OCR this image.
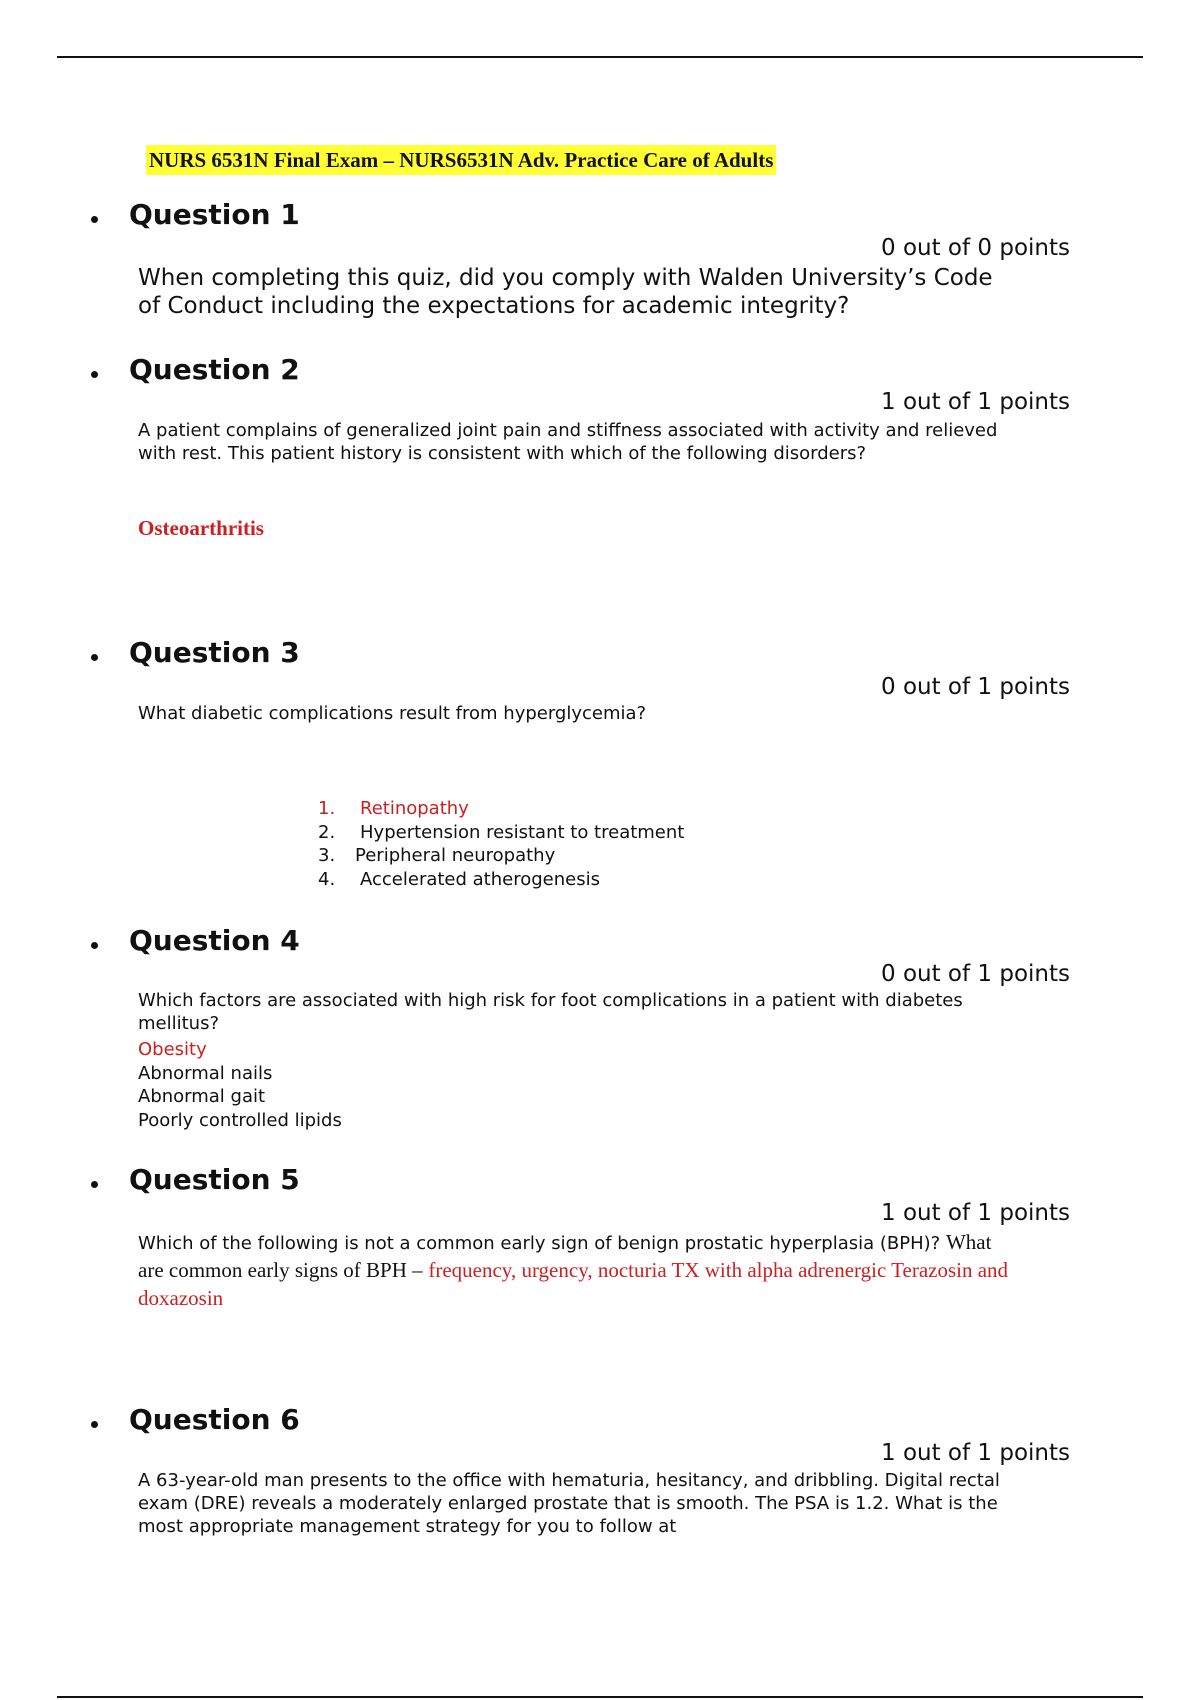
NURS 6531N Final Exam – NURS6531N Adv. Practice Care of Adults
Question 1
0 out of 0 points
When completing this quiz, did you comply with Walden University’s Code of Conduct including the expectations for academic integrity?
Question 2
1 out of 1 points
A patient complains of generalized joint pain and stiffness associated with activity and relieved with rest. This patient history is consistent with which of the following disorders?
Osteoarthritis
Question 3
0 out of 1 points
What diabetic complications result from hyperglycemia?
1. Retinopathy
2. Hypertension resistant to treatment
3. Peripheral neuropathy
4. Accelerated atherogenesis
Question 4
0 out of 1 points
Which factors are associated with high risk for foot complications in a patient with diabetes mellitus?
Obesity
Abnormal nails
Abnormal gait
Poorly controlled lipids
Question 5
1 out of 1 points
Which of the following is not a common early sign of benign prostatic hyperplasia (BPH)? What are common early signs of BPH – frequency, urgency, nocturia TX with alpha adrenergic Terazosin and doxazosin
Question 6
1 out of 1 points
A 63-year-old man presents to the office with hematuria, hesitancy, and dribbling. Digital rectal exam (DRE) reveals a moderately enlarged prostate that is smooth. The PSA is 1.2. What is the most appropriate management strategy for you to follow at
